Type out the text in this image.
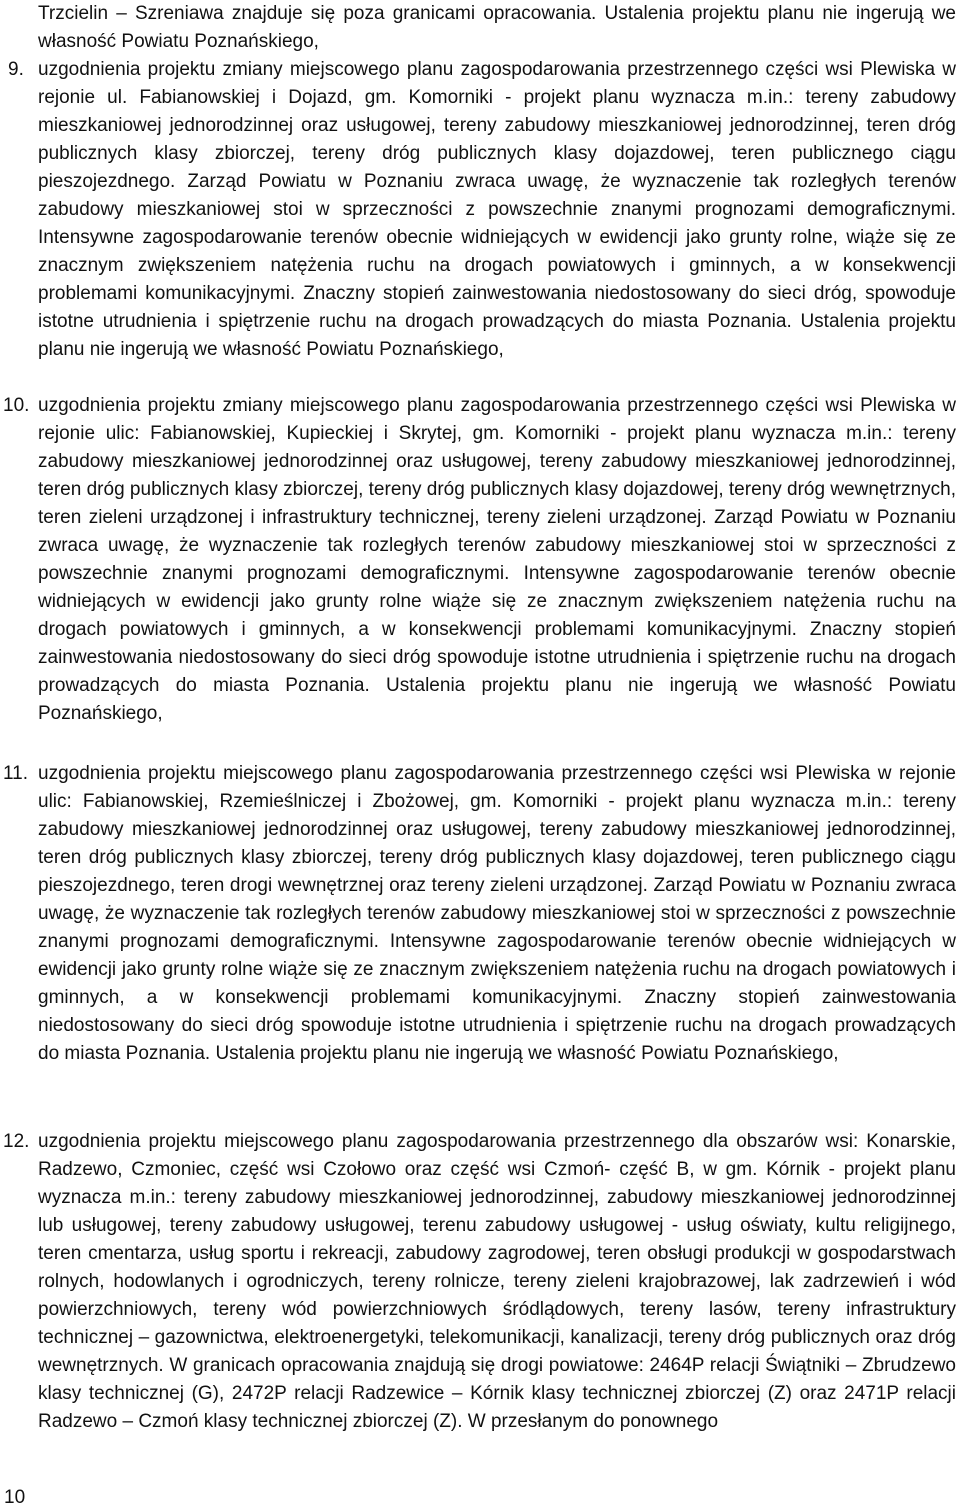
Trzcielin – Szreniawa znajduje się poza granicami opracowania. Ustalenia projektu planu nie ingerują we własność Powiatu Poznańskiego,

9. uzgodnienia projektu zmiany miejscowego planu zagospodarowania przestrzennego części wsi Plewiska w rejonie ul. Fabianowskiej i Dojazd, gm. Komorniki - projekt planu wyznacza m.in.: tereny zabudowy mieszkaniowej jednorodzinnej oraz usługowej, tereny zabudowy mieszkaniowej jednorodzinnej, teren dróg publicznych klasy zbiorczej, tereny dróg publicznych klasy dojazdowej, teren publicznego ciągu pieszojezdnego. Zarząd Powiatu w Poznaniu zwraca uwagę, że wyznaczenie tak rozległych terenów zabudowy mieszkaniowej stoi w sprzeczności z powszechnie znanymi prognozami demograficznymi. Intensywne zagospodarowanie terenów obecnie widniejących w ewidencji jako grunty rolne, wiąże się ze znacznym zwiększeniem natężenia ruchu na drogach powiatowych i gminnych, a w konsekwencji problemami komunikacyjnymi. Znaczny stopień zainwestowania niedostosowany do sieci dróg, spowoduje istotne utrudnienia i spiętrzenie ruchu na drogach prowadzących do miasta Poznania. Ustalenia projektu planu nie ingerują we własność Powiatu Poznańskiego,

10. uzgodnienia projektu zmiany miejscowego planu zagospodarowania przestrzennego części wsi Plewiska w rejonie ulic: Fabianowskiej, Kupieckiej i Skrytej, gm. Komorniki - projekt planu wyznacza m.in.: tereny zabudowy mieszkaniowej jednorodzinnej oraz usługowej, tereny zabudowy mieszkaniowej jednorodzinnej, teren dróg publicznych klasy zbiorczej, tereny dróg publicznych klasy dojazdowej, tereny dróg wewnętrznych, teren zieleni urządzonej i infrastruktury technicznej, tereny zieleni urządzonej. Zarząd Powiatu w Poznaniu zwraca uwagę, że wyznaczenie tak rozległych terenów zabudowy mieszkaniowej stoi w sprzeczności z powszechnie znanymi prognozami demograficznymi. Intensywne zagospodarowanie terenów obecnie widniejących w ewidencji jako grunty rolne wiąże się ze znacznym zwiększeniem natężenia ruchu na drogach powiatowych i gminnych, a w konsekwencji problemami komunikacyjnymi. Znaczny stopień zainwestowania niedostosowany do sieci dróg spowoduje istotne utrudnienia i spiętrzenie ruchu na drogach prowadzących do miasta Poznania. Ustalenia projektu planu nie ingerują we własność Powiatu Poznańskiego,

11. uzgodnienia projektu miejscowego planu zagospodarowania przestrzennego części wsi Plewiska w rejonie ulic: Fabianowskiej, Rzemieślniczej i Zbożowej, gm. Komorniki - projekt planu wyznacza m.in.: tereny zabudowy mieszkaniowej jednorodzinnej oraz usługowej, tereny zabudowy mieszkaniowej jednorodzinnej, teren dróg publicznych klasy zbiorczej, tereny dróg publicznych klasy dojazdowej, teren publicznego ciągu pieszojezdnego, teren drogi wewnętrznej oraz tereny zieleni urządzonej. Zarząd Powiatu w Poznaniu zwraca uwagę, że wyznaczenie tak rozległych terenów zabudowy mieszkaniowej stoi w sprzeczności z powszechnie znanymi prognozami demograficznymi. Intensywne zagospodarowanie terenów obecnie widniejących w ewidencji jako grunty rolne wiąże się ze znacznym zwiększeniem natężenia ruchu na drogach powiatowych i gminnych, a w konsekwencji problemami komunikacyjnymi. Znaczny stopień zainwestowania niedostosowany do sieci dróg spowoduje istotne utrudnienia i spiętrzenie ruchu na drogach prowadzących do miasta Poznania. Ustalenia projektu planu nie ingerują we własność Powiatu Poznańskiego,

12. uzgodnienia projektu miejscowego planu zagospodarowania przestrzennego dla obszarów wsi: Konarskie, Radzewo, Czmoniec, część wsi Czołowo oraz część wsi Czmoń- część B, w gm. Kórnik - projekt planu wyznacza m.in.: tereny zabudowy mieszkaniowej jednorodzinnej, zabudowy mieszkaniowej jednorodzinnej lub usługowej, tereny zabudowy usługowej, terenu zabudowy usługowej - usług oświaty, kultu religijnego, teren cmentarza, usług sportu i rekreacji, zabudowy zagrodowej, teren obsługi produkcji w gospodarstwach rolnych, hodowlanych i ogrodniczych, tereny rolnicze, tereny zieleni krajobrazowej, lak zadrzewień i wód powierzchniowych, tereny wód powierzchniowych śródlądowych, tereny lasów, tereny infrastruktury technicznej – gazownictwa, elektroenergetyki, telekomunikacji, kanalizacji, tereny dróg publicznych oraz dróg wewnętrznych. W granicach opracowania znajdują się drogi powiatowe: 2464P relacji Świątniki – Zbrudzewo klasy technicznej (G), 2472P relacji Radzewice – Kórnik klasy technicznej zbiorczej (Z) oraz 2471P relacji Radzewo – Czmoń klasy technicznej zbiorczej (Z). W przesłanym do ponownego

10
